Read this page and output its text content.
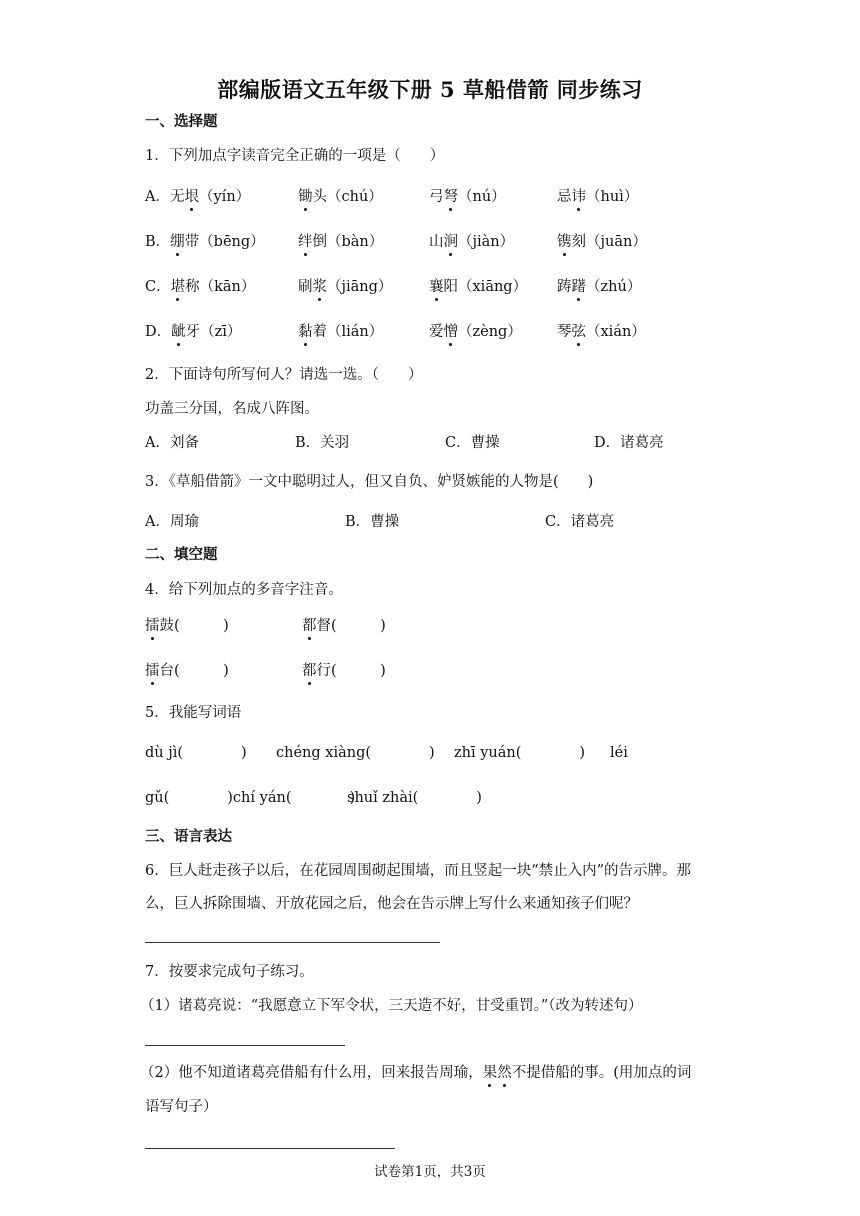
部编版语文五年级下册 5 草船借箭 同步练习
一、选择题
1．下列加点字读音完全正确的一项是（　　）
A．无垠（yín）	锄头（chú）	弓弩（nú）	忌讳（huì）
B．绷带（bēng） 绊倒（bàn）	山涧（jiàn）	镌刻（juān）
C．堪称（kān）	刷浆（jiāng）	襄阳（xiāng） 踌躇（zhú）
D．龇牙（zī）	黏着（lián）	爱憎（zèng） 琴弦（xián）
2．下面诗句所写何人？请选一选。（　　）
功盖三分国，名成八阵图。
A．刘备	B．关羽	C．曹操	D．诸葛亮
3．《草船借箭》一文中聪明过人，但又自负、妒贤嫉能的人物是(　　)
A．周瑜	B．曹操	C．诸葛亮
二、填空题
4．给下列加点的多音字注音。
擂鼓(　　　)	都督(　　　)
擂台(　　　)	都行(　　　)
5．我能写词语
dù jì(　　　　) chéng xiàng(　　　　) zhī yuán(　　　　) léi
gǔ(　　　　)chí yán(　　　　)
shuǐ zhài(　　　　)
三、语言表达
6．巨人赶走孩子以后，在花园周围砌起围墙，而且竖起一块“禁止入内”的告示牌。那
么，巨人拆除围墙、开放花园之后，他会在告示牌上写什么来通知孩子们呢？
7．按要求完成句子练习。
（1）诸葛亮说：“我愿意立下军令状，三天造不好，甘受重罚。”（改为转述句）
（2）他不知道诸葛亮借船有什么用，回来报告周瑜，果然不提借船的事。(用加点的词
语写句子）
试卷第1页，共3页
